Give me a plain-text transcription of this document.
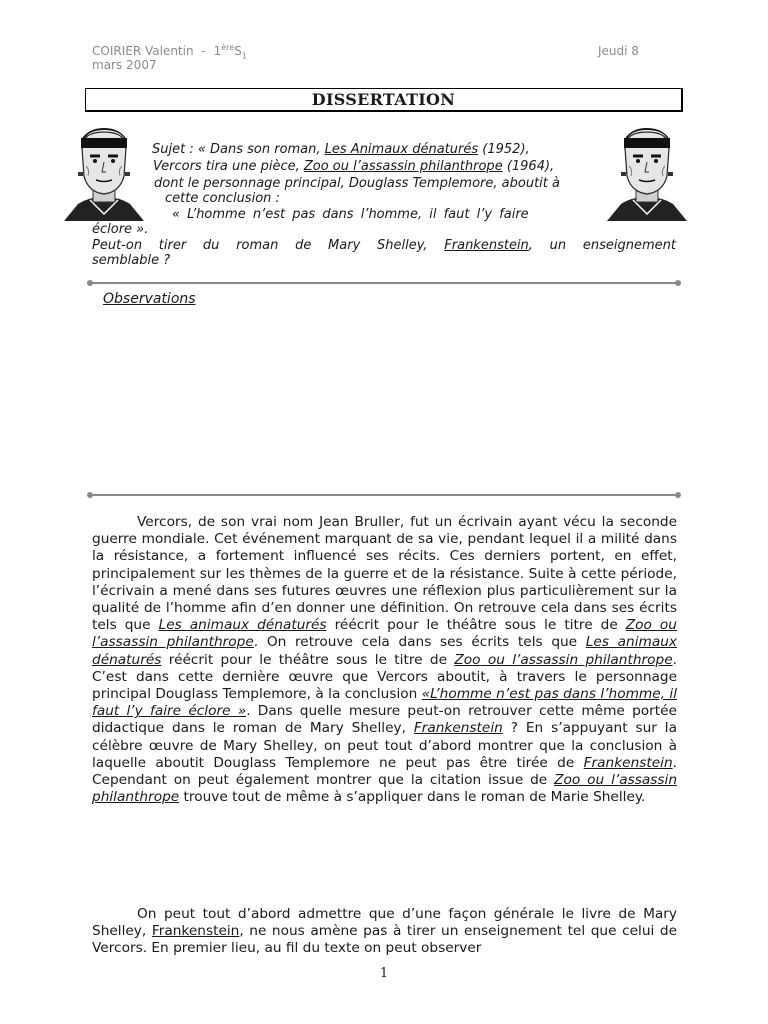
COIRIER Valentin - $1èreS_1$	Jeudi 8
mars 2007
DISSERTATION
Sujet : « Dans son roman, Les Animaux dénaturés (1952),
Vercors tira une pièce, Zoo ou l’assassin philanthrope (1964),
dont le personnage principal, Douglass Templemore, aboutit à
cette conclusion :
« L’homme n’est pas dans l’homme, il faut l’y faire
éclore ».
Peut-on tirer du roman de Mary Shelley, Frankenstein, un enseignement
semblable ?
Observations

Vercors, de son vrai nom Jean Bruller, fut un écrivain ayant vécu la seconde guerre mondiale. Cet événement marquant de sa vie, pendant lequel il a milité dans la résistance, a fortement influencé ses récits. Ces derniers portent, en effet, principalement sur les thèmes de la guerre et de la résistance. Suite à cette période, l’écrivain a mené dans ses futures œuvres une réflexion plus particulièrement sur la qualité de l’homme afin d’en donner une définition. On retrouve cela dans ses écrits tels que Les animaux dénaturés réécrit pour le théâtre sous le titre de Zoo ou l’assassin philanthrope. On retrouve cela dans ses écrits tels que Les animaux dénaturés réécrit pour le théâtre sous le titre de Zoo ou l’assassin philanthrope. C’est dans cette dernière œuvre que Vercors aboutit, à travers le personnage principal Douglass Templemore, à la conclusion «L’homme n’est pas dans l’homme, il faut l’y faire éclore ». Dans quelle mesure peut-on retrouver cette même portée didactique dans le roman de Mary Shelley, Frankenstein ? En s’appuyant sur la célèbre œuvre de Mary Shelley, on peut tout d’abord montrer que la conclusion à laquelle aboutit Douglass Templemore ne peut pas être tirée de Frankenstein. Cependant on peut également montrer que la citation issue de Zoo ou l’assassin philanthrope trouve tout de même à s’appliquer dans le roman de Marie Shelley.

On peut tout d’abord admettre que d’une façon générale le livre de Mary Shelley, Frankenstein, ne nous amène pas à tirer un enseignement tel que celui de Vercors. En premier lieu, au fil du texte on peut observer

1
